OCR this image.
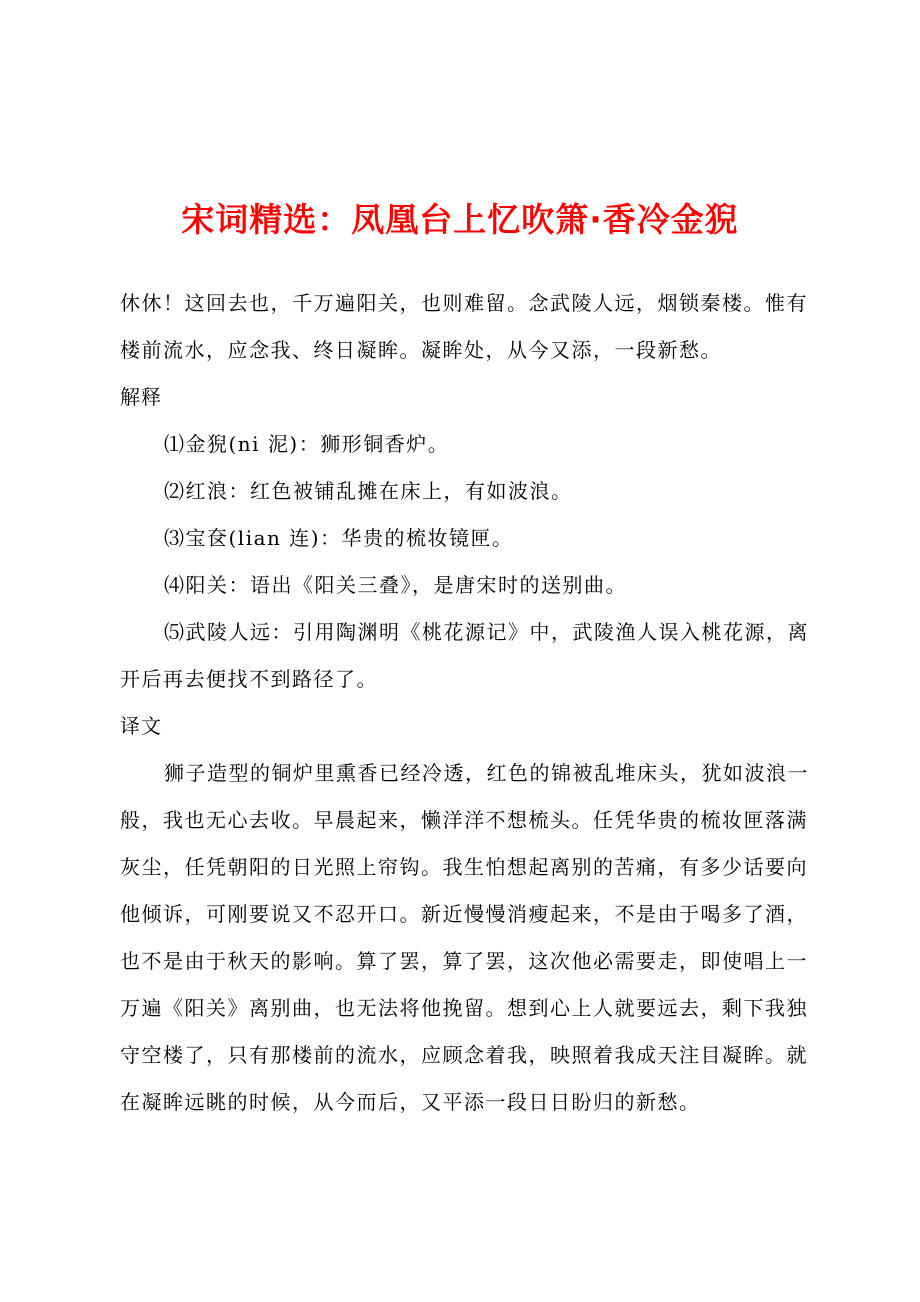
宋词精选：凤凰台上忆吹箫·香冷金猊
休休！这回去也，千万遍阳关，也则难留。念武陵人远，烟锁秦楼。惟有
楼前流水，应念我、终日凝眸。凝眸处，从今又添，一段新愁。
解释
⑴金猊(ni 泥)：狮形铜香炉。
⑵红浪：红色被铺乱摊在床上，有如波浪。
⑶宝奁(lian 连)：华贵的梳妆镜匣。
⑷阳关：语出《阳关三叠》，是唐宋时的送别曲。
⑸武陵人远：引用陶渊明《桃花源记》中，武陵渔人误入桃花源，离
开后再去便找不到路径了。
译文
狮子造型的铜炉里熏香已经冷透，红色的锦被乱堆床头，犹如波浪一
般，我也无心去收。早晨起来，懒洋洋不想梳头。任凭华贵的梳妆匣落满
灰尘，任凭朝阳的日光照上帘钩。我生怕想起离别的苦痛，有多少话要向
他倾诉，可刚要说又不忍开口。新近慢慢消瘦起来，不是由于喝多了酒，
也不是由于秋天的影响。算了罢，算了罢，这次他必需要走，即使唱上一
万遍《阳关》离别曲，也无法将他挽留。想到心上人就要远去，剩下我独
守空楼了，只有那楼前的流水，应顾念着我，映照着我成天注目凝眸。就
在凝眸远眺的时候，从今而后，又平添一段日日盼归的新愁。
